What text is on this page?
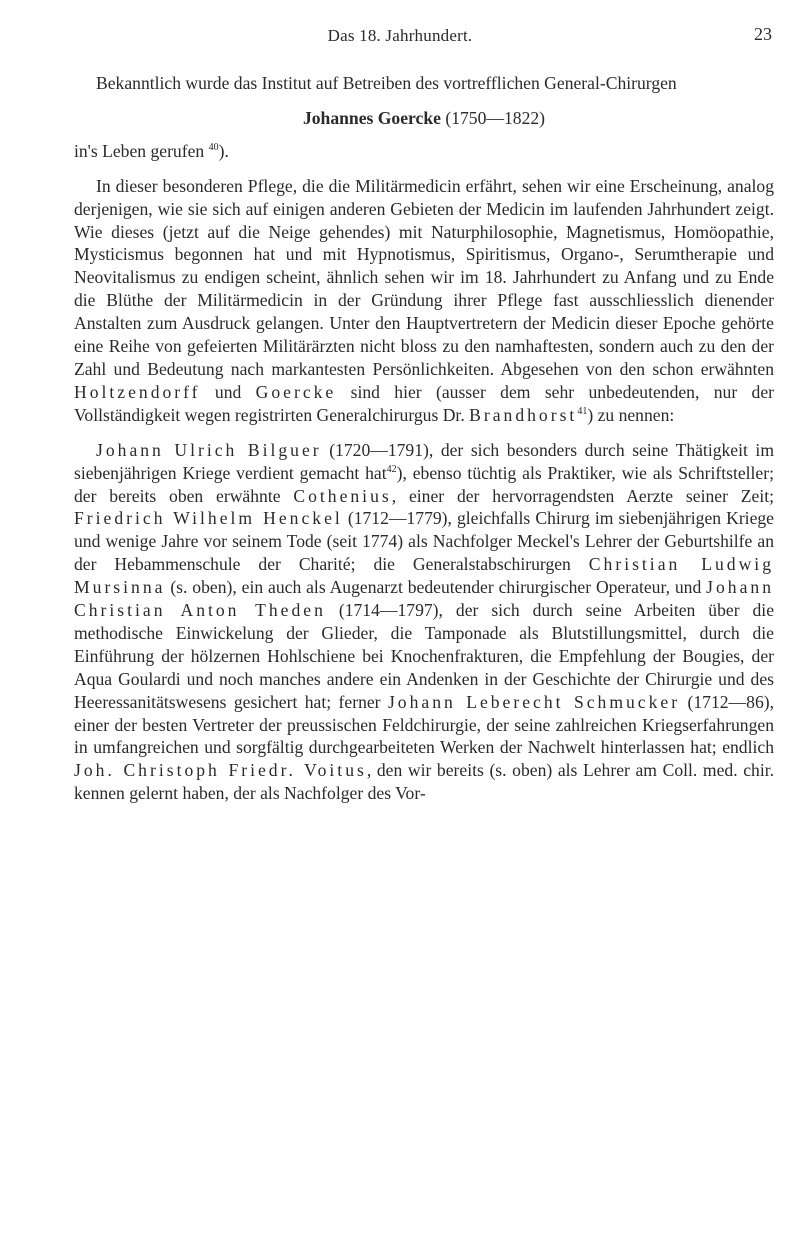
Das 18. Jahrhundert.	23

Bekanntlich wurde das Institut auf Betreiben des vortrefflichen General-Chirurgen

Johannes Goercke (1750—1822)

in's Leben gerufen $^{40}$).

In dieser besonderen Pflege, die die Militärmedicin erfährt, sehen wir eine Erscheinung, analog derjenigen, wie sie sich auf einigen anderen Gebieten der Medicin im laufenden Jahrhundert zeigt. Wie dieses (jetzt auf die Neige gehendes) mit Naturphilosophie, Magnetismus, Homöopathie, Mysticismus begonnen hat und mit Hypnotismus, Spiritismus, Organo-, Serumtherapie und Neovitalismus zu endigen scheint, ähnlich sehen wir im 18. Jahrhundert zu Anfang und zu Ende die Blüthe der Militärmedicin in der Gründung ihrer Pflege fast ausschliesslich dienender Anstalten zum Ausdruck gelangen. Unter den Hauptvertretern der Medicin dieser Epoche gehörte eine Reihe von gefeierten Militärärzten nicht bloss zu den namhaftesten, sondern auch zu den der Zahl und Bedeutung nach markantesten Persönlichkeiten. Abgesehen von den schon erwähnten Holtzendorff und Goercke sind hier (ausser dem sehr unbedeutenden, nur der Vollständigkeit wegen registrirten Generalchirurgus Dr. Brandhorst$^{41}$) zu nennen:

Johann Ulrich Bilguer (1720—1791), der sich besonders durch seine Thätigkeit im siebenjährigen Kriege verdient gemacht hat$^{42}$), ebenso tüchtig als Praktiker, wie als Schriftsteller; der bereits oben erwähnte Cothenius, einer der hervorragendsten Aerzte seiner Zeit; Friedrich Wilhelm Henckel (1712—1779), gleichfalls Chirurg im siebenjährigen Kriege und wenige Jahre vor seinem Tode (seit 1774) als Nachfolger Meckel's Lehrer der Geburtshilfe an der Hebammenschule der Charité; die Generalstabschirurgen Christian Ludwig Mursinna (s. oben), ein auch als Augenarzt bedeutender chirurgischer Operateur, und Johann Christian Anton Theden (1714—1797), der sich durch seine Arbeiten über die methodische Einwickelung der Glieder, die Tamponade als Blutstillungsmittel, durch die Einführung der hölzernen Hohlschiene bei Knochenfrakturen, die Empfehlung der Bougies, der Aqua Goulardi und noch manches andere ein Andenken in der Geschichte der Chirurgie und des Heeressanitätswesens gesichert hat; ferner Johann Leberecht Schmucker (1712—86), einer der besten Vertreter der preussischen Feldchirurgie, der seine zahlreichen Kriegserfahrungen in umfangreichen und sorgfältig durchgearbeiteten Werken der Nachwelt hinterlassen hat; endlich Joh. Christoph Friedr. Voitus, den wir bereits (s. oben) als Lehrer am Coll. med. chir. kennen gelernt haben, der als Nachfolger des Vor-
